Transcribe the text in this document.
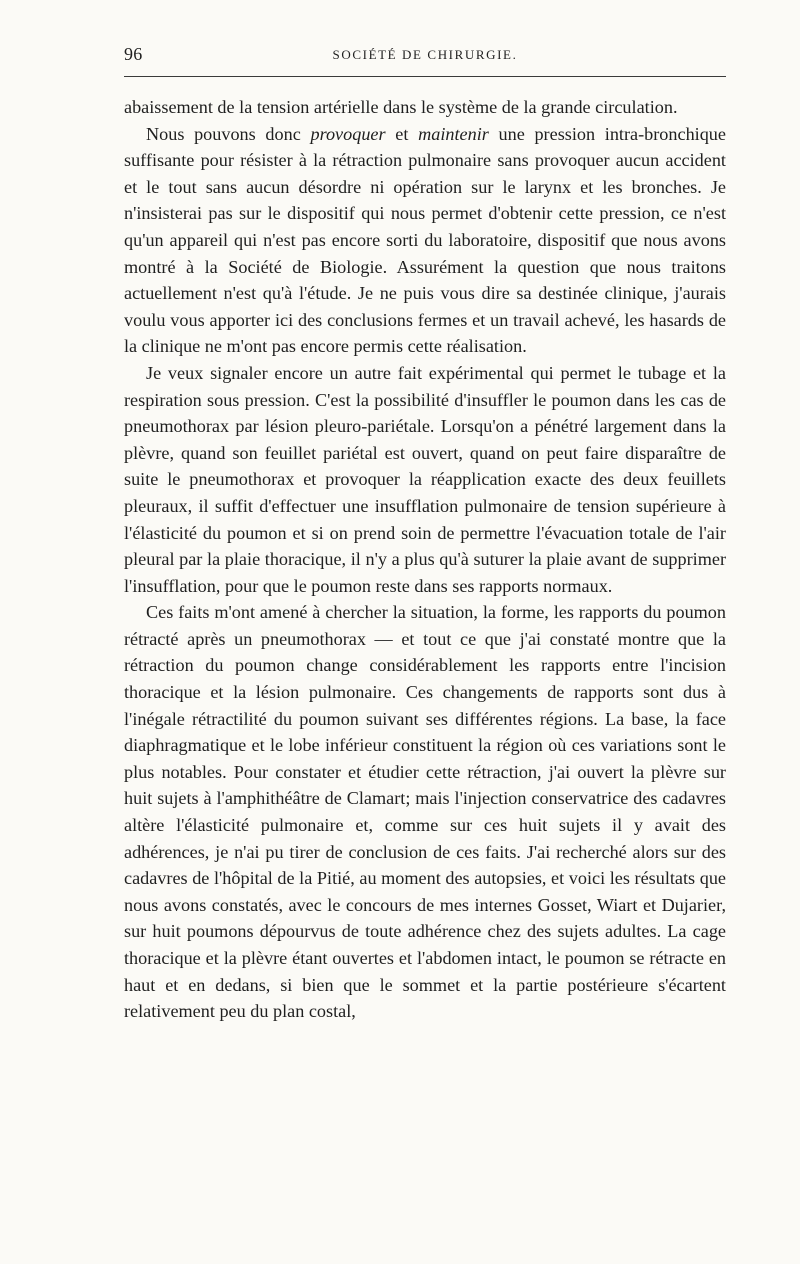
96	SOCIÉTÉ DE CHIRURGIE.

abaissement de la tension artérielle dans le système de la grande circulation.

Nous pouvons donc provoquer et maintenir une pression intra-bronchique suffisante pour résister à la rétraction pulmonaire sans provoquer aucun accident et le tout sans aucun désordre ni opération sur le larynx et les bronches. Je n'insisterai pas sur le dispositif qui nous permet d'obtenir cette pression, ce n'est qu'un appareil qui n'est pas encore sorti du laboratoire, dispositif que nous avons montré à la Société de Biologie. Assurément la question que nous traitons actuellement n'est qu'à l'étude. Je ne puis vous dire sa destinée clinique, j'aurais voulu vous apporter ici des conclusions fermes et un travail achevé, les hasards de la clinique ne m'ont pas encore permis cette réalisation.

Je veux signaler encore un autre fait expérimental qui permet le tubage et la respiration sous pression. C'est la possibilité d'insuffler le poumon dans les cas de pneumothorax par lésion pleuro-pariétale. Lorsqu'on a pénétré largement dans la plèvre, quand son feuillet pariétal est ouvert, quand on peut faire disparaître de suite le pneumothorax et provoquer la réapplication exacte des deux feuillets pleuraux, il suffit d'effectuer une insufflation pulmonaire de tension supérieure à l'élasticité du poumon et si on prend soin de permettre l'évacuation totale de l'air pleural par la plaie thoracique, il n'y a plus qu'à suturer la plaie avant de supprimer l'insufflation, pour que le poumon reste dans ses rapports normaux.

Ces faits m'ont amené à chercher la situation, la forme, les rapports du poumon rétracté après un pneumothorax — et tout ce que j'ai constaté montre que la rétraction du poumon change considérablement les rapports entre l'incision thoracique et la lésion pulmonaire. Ces changements de rapports sont dus à l'inégale rétractilité du poumon suivant ses différentes régions. La base, la face diaphragmatique et le lobe inférieur constituent la région où ces variations sont le plus notables. Pour constater et étudier cette rétraction, j'ai ouvert la plèvre sur huit sujets à l'amphithéâtre de Clamart; mais l'injection conservatrice des cadavres altère l'élasticité pulmonaire et, comme sur ces huit sujets il y avait des adhérences, je n'ai pu tirer de conclusion de ces faits. J'ai recherché alors sur des cadavres de l'hôpital de la Pitié, au moment des autopsies, et voici les résultats que nous avons constatés, avec le concours de mes internes Gosset, Wiart et Dujarier, sur huit poumons dépourvus de toute adhérence chez des sujets adultes. La cage thoracique et la plèvre étant ouvertes et l'abdomen intact, le poumon se rétracte en haut et en dedans, si bien que le sommet et la partie postérieure s'écartent relativement peu du plan costal,
